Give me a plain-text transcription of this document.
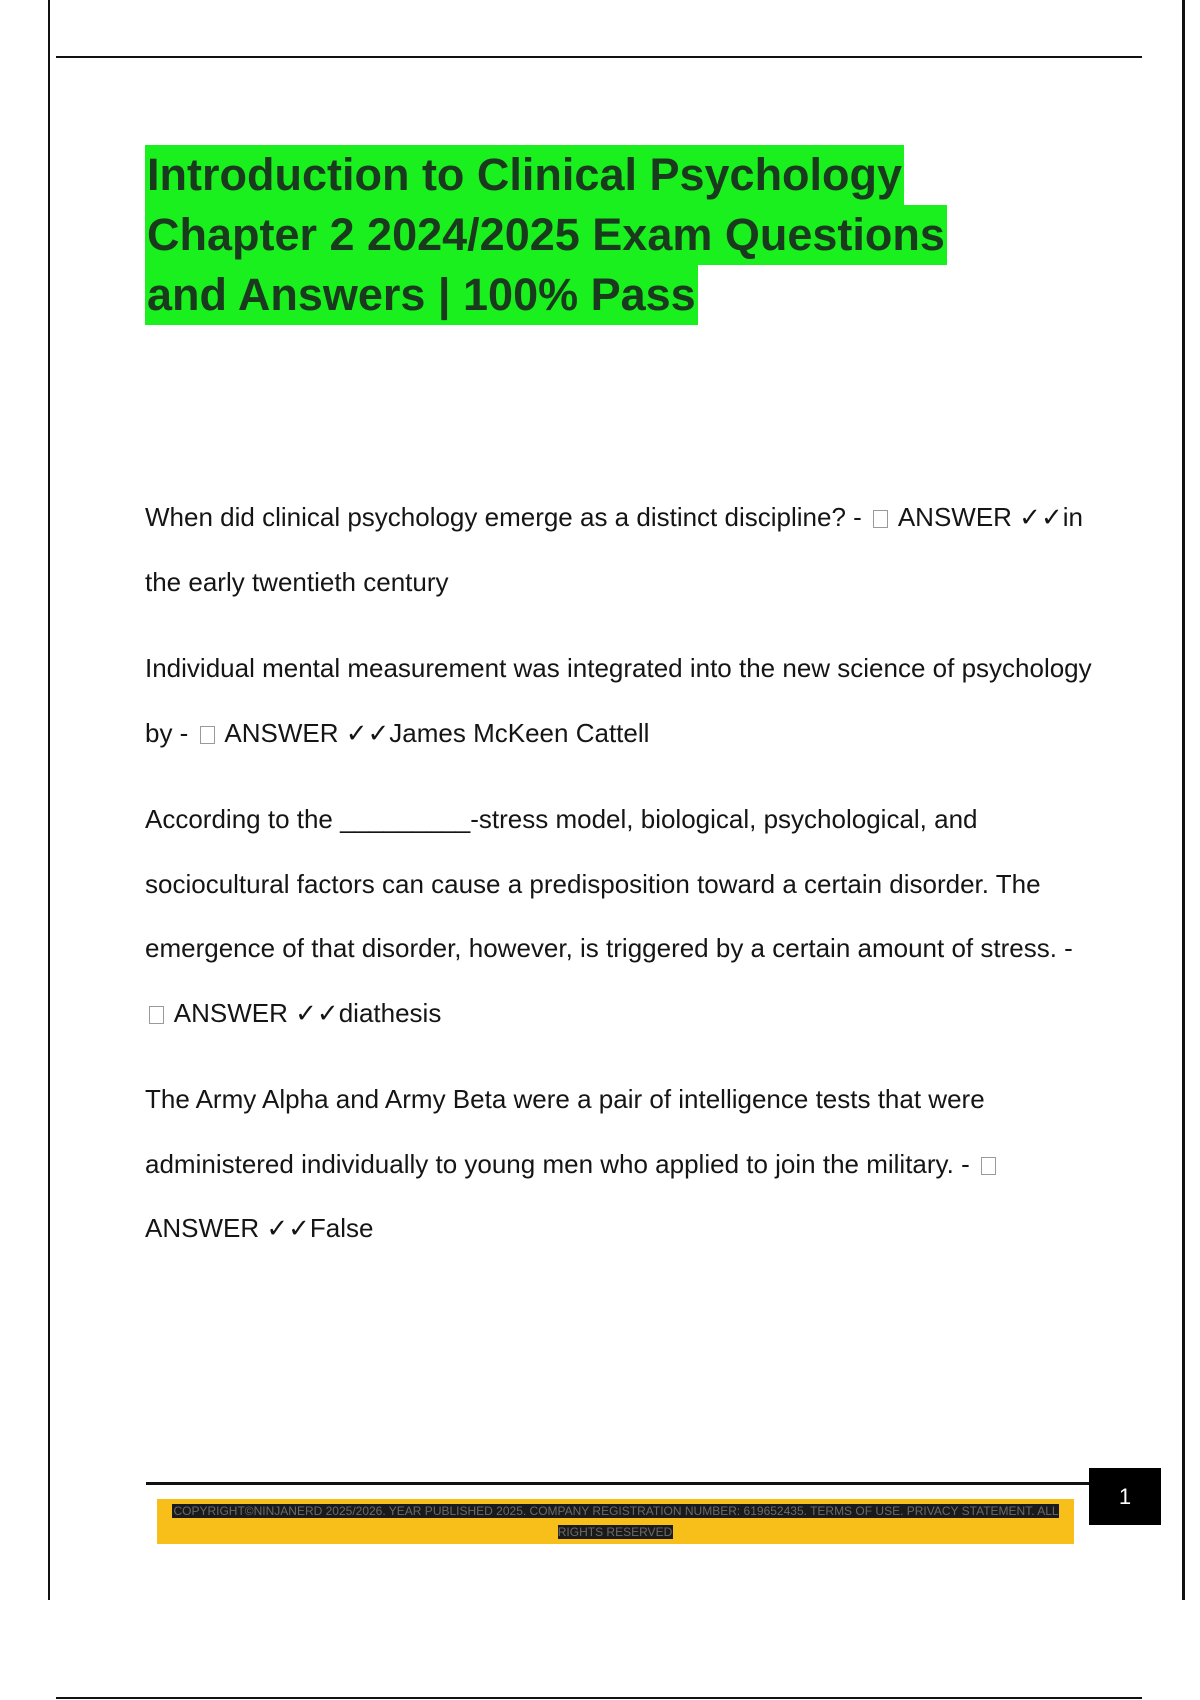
Introduction to Clinical Psychology
Chapter 2 2024/2025 Exam Questions
and Answers | 100% Pass

When did clinical psychology emerge as a distinct discipline? - ANSWER ✓✓in the early twentieth century

Individual mental measurement was integrated into the new science of psychology by - ANSWER ✓✓James McKeen Cattell

According to the _________-stress model, biological, psychological, and sociocultural factors can cause a predisposition toward a certain disorder. The emergence of that disorder, however, is triggered by a certain amount of stress. -  ANSWER ✓✓diathesis

The Army Alpha and Army Beta were a pair of intelligence tests that were administered individually to young men who applied to join the military. -  ANSWER ✓✓False

1
COPYRIGHT©NINJANERD 2025/2026. YEAR PUBLISHED 2025. COMPANY REGISTRATION NUMBER: 619652435. TERMS OF USE. PRIVACY STATEMENT. ALL RIGHTS RESERVED
